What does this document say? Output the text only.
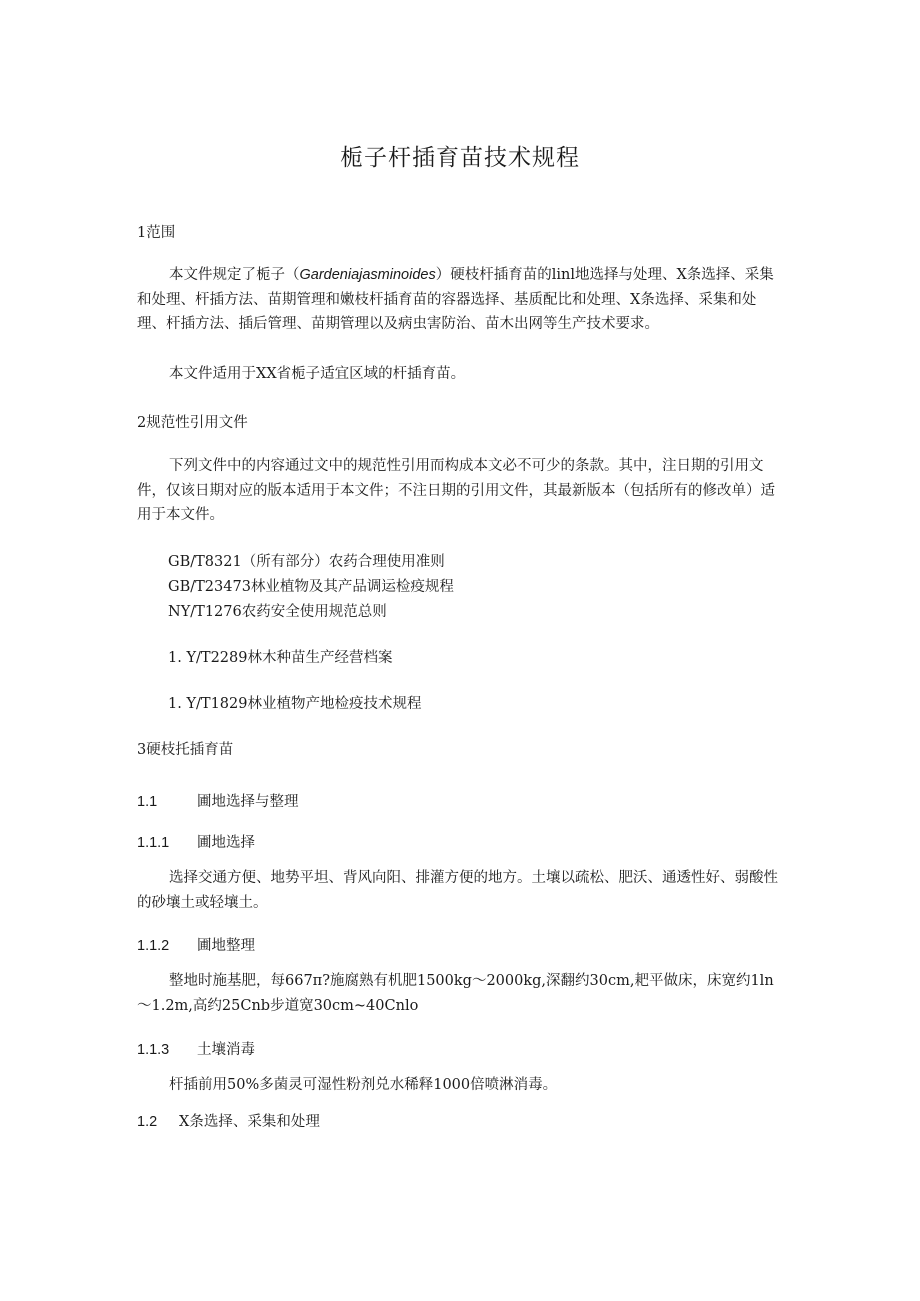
栀子杆插育苗技术规程
1范围
本文件规定了栀子（Gardeniajasminoides）硬枝杆插育苗的linl地选择与处理、X条选择、采集和处理、杆插方法、苗期管理和嫩枝杆插育苗的容器选择、基质配比和处理、X条选择、采集和处理、杆插方法、插后管理、苗期管理以及病虫害防治、苗木出网等生产技术要求。
本文件适用于XX省栀子适宜区域的杆插育苗。
2规范性引用文件
下列文件中的内容通过文中的规范性引用而构成本文必不可少的条款。其中，注日期的引用文件，仅该日期对应的版本适用于本文件；不注日期的引用文件，其最新版本（包括所有的修改单）适用于本文件。
GB/T8321（所有部分）农药合理使用准则
GB/T23473林业植物及其产品调运检疫规程
NY/T1276农药安全使用规范总则
1. Y/T2289林木种苗生产经营档案
1. Y/T1829林业植物产地检疫技术规程
3硬枝托插育苗
1.1	圃地选择与整理
1.1.1 圃地选择
选择交通方便、地势平坦、背风向阳、排灌方便的地方。土壤以疏松、肥沃、通透性好、弱酸性的砂壤土或轻壤土。
1.1.2 圃地整理
整地时施基肥，每667π?施腐熟有机肥1500kg～2000kg,深翻约30cm,耙平做床，床宽约1ln～1.2m,高约25Cnb步道宽30cm~40Cnlo
1.1.3 土壤消毒
杆插前用50%多菌灵可湿性粉剂兑水稀释1000倍喷淋消毒。
1.2 X条选择、采集和处理
